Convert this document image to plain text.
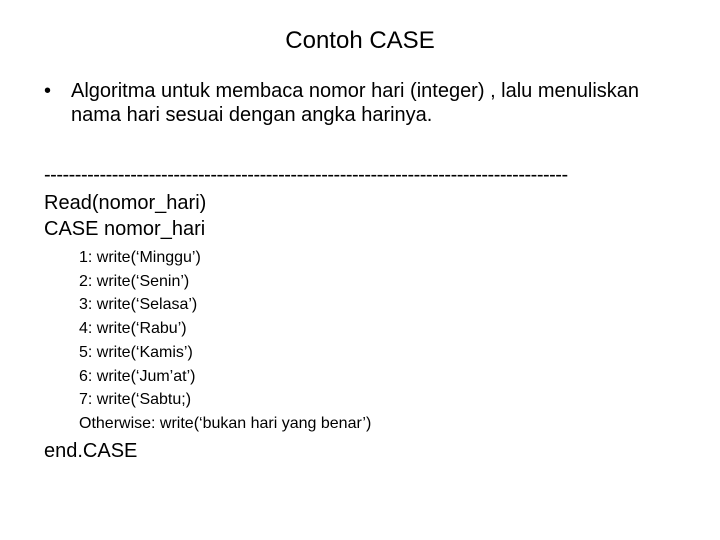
Contoh CASE
• Algoritma untuk membaca nomor hari (integer) , lalu menuliskan nama hari sesuai dengan angka harinya.
-------------------------------------------------------------------------------------
Read(nomor_hari)
CASE nomor_hari
1: write(‘Minggu’)
2: write(‘Senin’)
3: write(‘Selasa’)
4: write(‘Rabu’)
5: write(‘Kamis’)
6: write(‘Jum’at’)
7: write(‘Sabtu;)
Otherwise: write(‘bukan hari yang benar’)
end.CASE
